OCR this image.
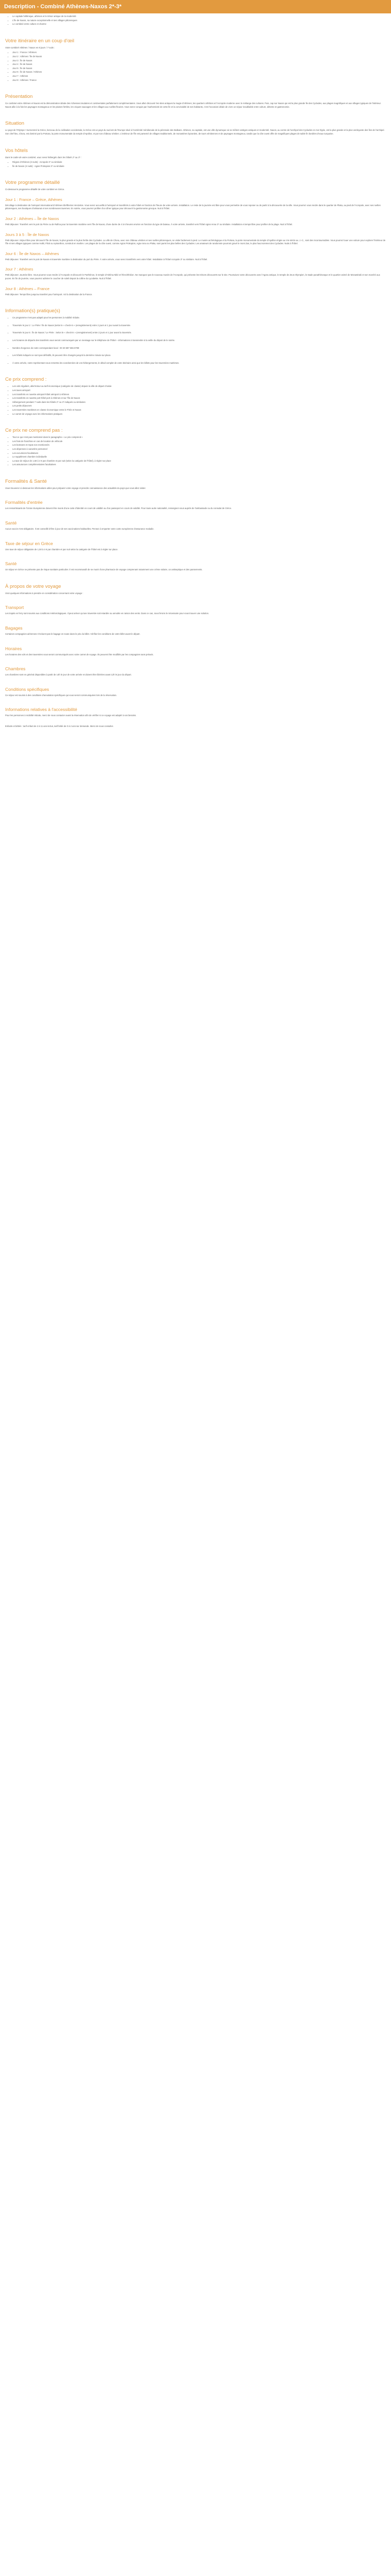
Description - Combiné Athènes-Naxos 2*-3*
• Le capitale héllénique, athènes et le trésor antique de la modernité
• L'île de Naxos, sa nature exceptionnelle et ses villages pittoresques
• Le combiné entre culture et charme
Votre itinéraire en un coup d'œil

Votre combiné Athènes / Naxos en 8 jours / 7 nuits :

• Jour 1 : France / Athènes
• Jour 2 : Athènes / Île de Naxos
• Jour 3 : Île de Naxos
• Jour 4 : Île de Naxos
• Jour 5 : Île de Naxos
• Jour 6 : Île de Naxos / Athènes
• Jour 7 : Athènes
• Jour 8 : Athènes / France
Présentation

Ce combiné entre Athènes et Naxos est la démonstration idéale des richesses insulaires et continentales parfaitement complémentaires. Vous allez découvrir les sites antiques la magie d'Athènes, les quartiers célèbres et l'Acropole moderne avec le mélange des cultures. Puis, cap sur Naxos qui est la plus grande île des Cyclades, aux plages magnifiques et aux villages typiques de l'intérieur. Naxos allie à la fois les paysages montagneux et les plaines fertiles, les criques sauvages et les villages aux ruelles fleuries. Vous serez conquis par l'authenticité de cette île et la convivialité de ses habitants, c'est l'occasion idéale de vivre un séjour inoubliable entre culture, détente et gastronomie.

Situation

Le pays de l'Olympe ! Surnommé la Grèce, berceau de la civilisation occidentale, la Grèce est un pays du sud-est de l'Europe situé à l'extrémité méridionale de la péninsule des Balkans. Athènes, sa capitale, est une ville dynamique où se mêlent vestiges antiques et modernité. Naxos, au centre de l'archipel des Cyclades en mer Égée, est la plus grande et la plus verdoyante des îles de l'archipel. Son chef-lieu, Chora, est dominé par la Portara, la porte monumentale du temple d'Apollon, et par son château vénitien. L'intérieur de l'île est parsemé de villages traditionnels, de monastères byzantins, de tours vénitiennes et de paysages montagneux, tandis que la côte ouest offre de magnifiques plages de sable fin bordées d'eaux turquoise.

Vos hôtels

Dans le cadre de votre combiné, vous serez hébergés dans les hôtels 2* ou 3* :

• Région d'Athènes (3 nuits) : Acropole 3* ou similaire
• Île de Naxos (4 nuits) : Agios Prokopios 3* ou similaire
Votre programme détaillé

Ci-dessous le programme détaillé de votre combiné en Grèce.

Jour 1 : France – Grèce, Athènes

Décollage à destination de l'aéroport international d'Athènes Eleftherios Venizelos. Vous serez accueillis à l'aéroport et transférés à votre hôtel en fonction de l'heure de votre arrivée. Installation. Le reste de la journée est libre pour vous permettre de vous reposer ou de partir à la découverte de la ville. Vous pourrez vous rendre dans le quartier de Plaka, au pied de l'Acropole, avec ses ruelles pittoresques, ses boutiques d'artisanat et ses nombreuses tavernes. En soirée, vous pourrez profiter d'un dîner typique pour découvrir la gastronomie grecque. Nuit à l'hôtel.

Jour 2 : Athènes – Île de Naxos

Petit déjeuner. Transfert vers le port du Pirée ou de Rafina pour la traversée maritime vers l'île de Naxos, d'une durée de 4 à 6 heures environ en fonction du type de bateau. À votre arrivée, transfert vers l'hôtel Agios Anna 3* ou similaire. Installation et temps libre pour profiter de la plage. Nuit à l'hôtel.

Jours 3 à 5 : Île de Naxos

Petit déjeuner. Séjour libre pour découvrir l'île de Naxos, la plus grande et la plus fertile des Cyclades. La ville de Chora, avec son château vénitien et ses ruelles pittoresques, se visite facilement à pied. Le musée archéologique et la Portara, la porte monumentale du temple d'Apollon érigée au VIe siècle av. J.-C., sont des incontournables. Vous pourrez louer une voiture pour explorer l'intérieur de l'île et ses villages typiques comme Halki, Filoti ou Apiranthos, construit en marbre. Les plages de la côte ouest, comme Agios Prokopios, Agia Anna ou Plaka, sont parmi les plus belles des Cyclades. Les amateurs de randonnée pourront gravir le mont Zas, le plus haut sommet des Cyclades. Nuits à l'hôtel.

Jour 6 : Île de Naxos – Athènes

Petit déjeuner. Transfert vers le port de Naxos et traversée maritime à destination du port du Pirée. À votre arrivée, vous serez transférés vers votre hôtel. Installation à l'hôtel Acropole 3* ou similaire. Nuit à l'hôtel.

Jour 7 : Athènes

Petit déjeuner. Journée libre. Vous pourrez vous rendre à l'Acropole et découvrir le Parthénon, le temple d'Athéna Niké et l'Érechthéion. Ne manquez pas le nouveau musée de l'Acropole, qui présente les trésors découverts sur le site. Poursuivez votre découverte avec l'Agora antique, le temple de Zeus Olympien, le stade panathénaïque et le quartier animé de Monastiraki et son marché aux puces. En fin de journée, vous pourrez admirer le coucher de soleil depuis la colline du Lycabette. Nuit à l'hôtel.

Jour 8 : Athènes – France

Petit déjeuner. Temps libre jusqu'au transfert pour l'aéroport. Vol à destination de la France.

Information(s) pratique(s)
• Ce programme n'est pas adapté pour les personnes à mobilité réduite.
• Traversée le jour 2 : Le Pirée / Île de Naxos (selon le « check-in » (enregistrement) entre 2 jours et 1 jour avant la traversée.
• Traversée le jour 6 : Île de Naxos / Le Pirée : Selon le « check-in » (enregistrement) entre 2 jours et 1 jour avant la traversée.
• Les horaires de départs des transferts vous seront communiqués par un message sur le téléphone de l'hôtel – informations à transmettre à la veille du départ de le soirée.
• Nombre d'urgence de notre correspondant local : 00 30 697 655 8799
• Les hôtels indiqués ne sont pas définitifs, ils peuvent être changés jusqu'à la dernière minute sur place.
• À votre arrivée, notre représentant vous remettra les coordonnées de vos hébergements, le détail complet de votre itinéraire ainsi que les billets pour les traversées maritimes.
Ce prix comprend :
• Les vols réguliers, aller/retour au tarif économique (catégorie de classe) depuis la ville de départ choisie
• Les taxes aéroport
• Les transferts en navette aéroport-hôtel aéroport à Athènes
• Les transferts en navette port-hôtel port à Athènes et sur l'île de Naxos
• Hébergement pendant 7 nuits dans les hôtels 2* ou 3* indiqués ou similaires
• Les petits déjeuners
• Les traversées maritimes en classe économique entre le Pirée et Naxos
• Le carnet de voyage avec les informations pratiques
Ce prix ne comprend pas :
• Tout ce qui n'est pas mentionné dans le paragraphe « Le prix comprend »
• Les frais de franchise en cas de location de véhicule
• Les boissons et repas non mentionnés
• Les dépenses à caractère personnel
• Les excursions facultatives
• Le supplément chambre individuelle
• La taxe de séjour de 1,50 à 4 € par chambre et par nuit (selon la catégorie de l'hôtel), à régler sur place
• Les assurances complémentaires facultatives
Formalités & Santé

Vous trouverez ci-dessous les informations utiles pour préparer votre voyage et prendre connaissance des actualités du pays que vous allez visiter.

Formalités d'entrée

Les ressortissants de l'Union Européenne doivent être munis d'une carte d'identité en cours de validité ou d'un passeport en cours de validité. Pour toute autre nationalité, renseignez-vous auprès de l'ambassade ou du consulat de Grèce.

Santé

Aucun vaccin n'est obligatoire. Il est conseillé d'être à jour de ses vaccinations habituelles. Pensez à emporter votre carte européenne d'assurance maladie.

Taxe de séjour en Grèce

Une taxe de séjour obligatoire de 1,50 à 4 € par chambre et par nuit selon la catégorie de l'hôtel est à régler sur place.

Santé

Un séjour en Grèce ne présente pas de risque sanitaire particulier. Il est recommandé de se munir d'une pharmacie de voyage comprenant notamment une crème solaire, un antiseptique et des pansements.

À propos de votre voyage

Voici quelques informations à prendre en considération concernant votre voyage :

Transport

Les trajets en ferry sont soumis aux conditions météorologiques. Il peut arriver qu'une traversée soit retardée ou annulée en raison des vents. Dans ce cas, nous ferons le nécessaire pour vous trouver une solution.

Bagages

Certaines compagnies aériennes n'incluent pas le bagage en soute dans le prix du billet. Vérifiez les conditions de votre billet avant le départ.

Horaires

Les horaires des vols et des traversées vous seront communiqués avec votre carnet de voyage. Ils peuvent être modifiés par les compagnies sans préavis.

Chambres

Les chambres sont en général disponibles à partir de 14h le jour de votre arrivée et doivent être libérées avant 12h le jour du départ.

Conditions spécifiques

Ce séjour est soumis à des conditions d'annulation spécifiques qui vous seront communiquées lors de la réservation.

Informations relatives à l'accessibilité

Pour les personnes à mobilité réduite, merci de nous contacter avant la réservation afin de vérifier si ce voyage est adapté à vos besoins.

Enfants et bébés : tarif enfant de 2 à 11 ans inclus, tarif bébé de 0 à 2 ans sur demande. Merci de nous consulter.
